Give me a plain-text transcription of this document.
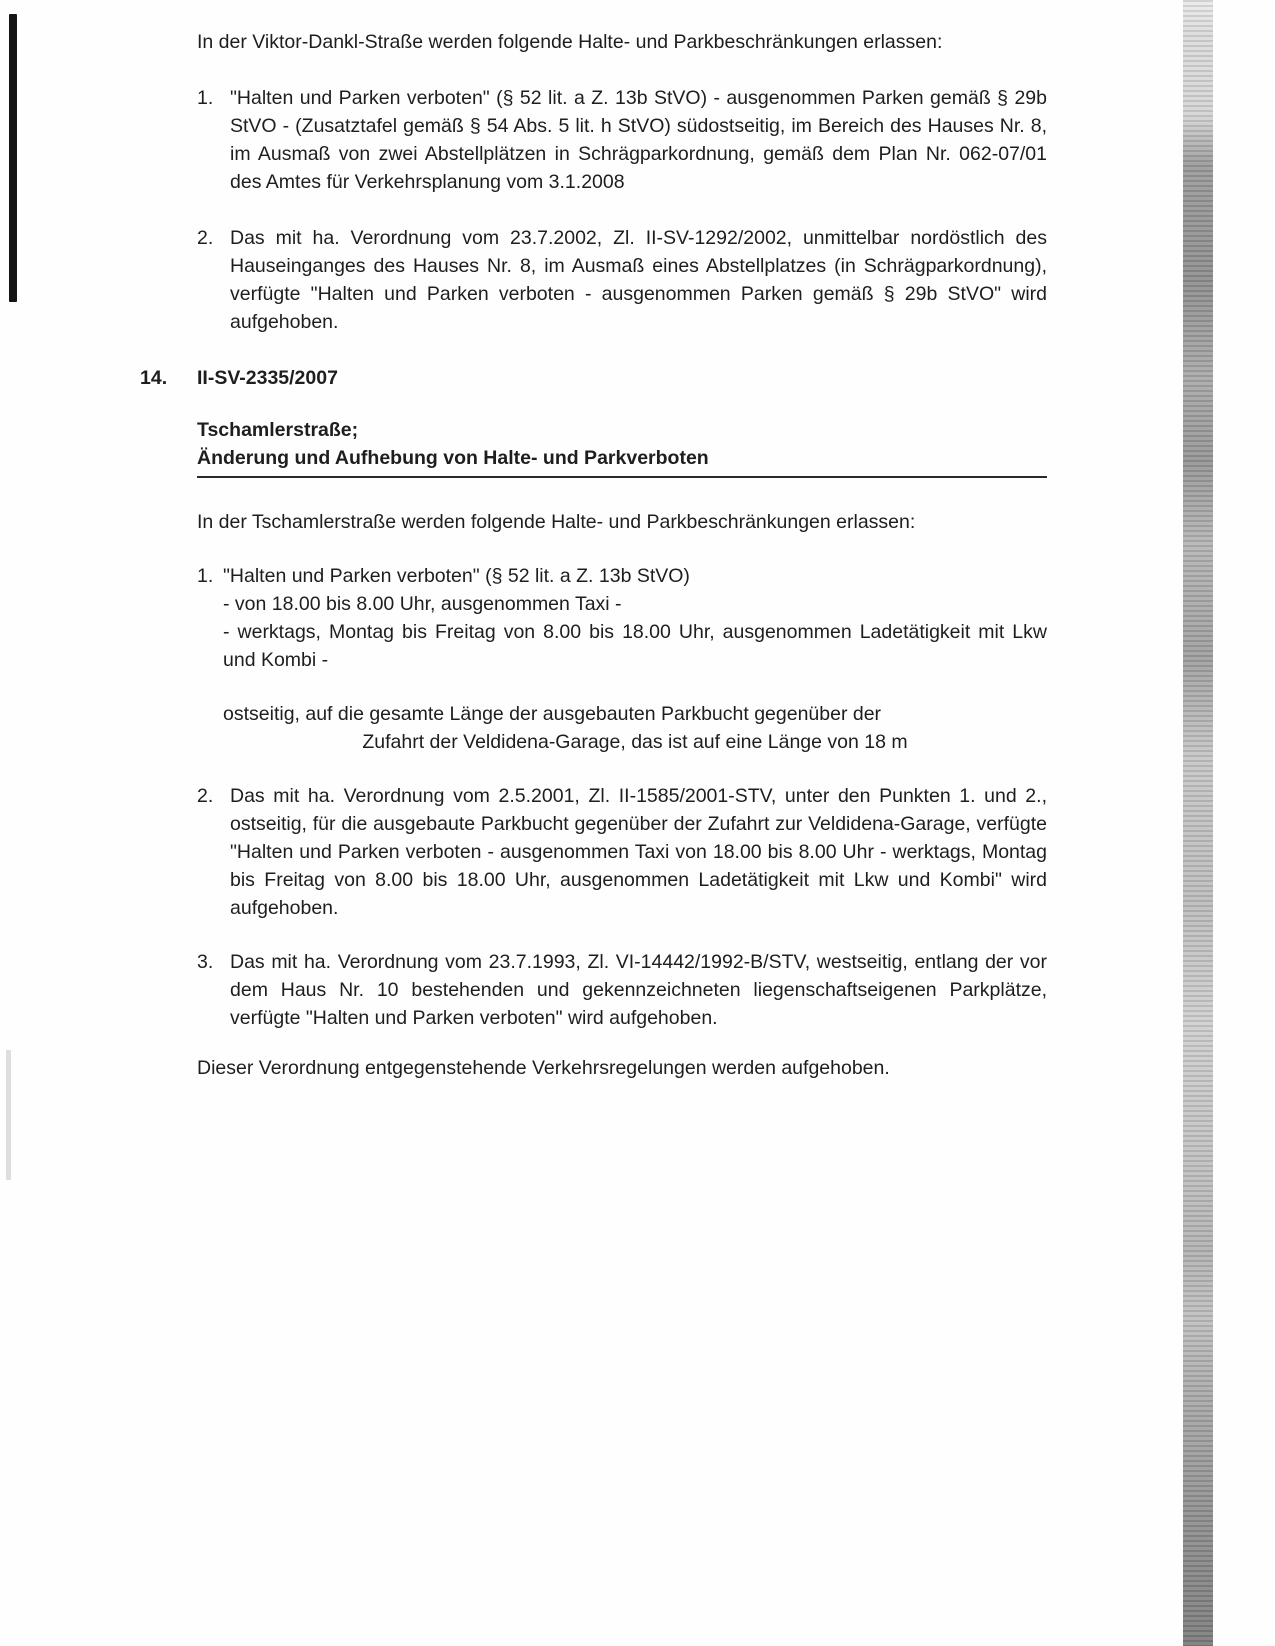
In der Viktor-Dankl-Straße werden folgende Halte- und Parkbeschränkungen erlassen:

1. "Halten und Parken verboten" (§ 52 lit. a Z. 13b StVO) - ausgenommen Parken gemäß § 29b StVO - (Zusatztafel gemäß § 54 Abs. 5 lit. h StVO) südostseitig, im Bereich des Hauses Nr. 8, im Ausmaß von zwei Abstellplätzen in Schrägparkordnung, gemäß dem Plan Nr. 062-07/01 des Amtes für Verkehrsplanung vom 3.1.2008
2. Das mit ha. Verordnung vom 23.7.2002, Zl. II-SV-1292/2002, unmittelbar nordöstlich des Hauseinganges des Hauses Nr. 8, im Ausmaß eines Abstellplatzes (in Schrägparkordnung), verfügte "Halten und Parken verboten - ausgenommen Parken gemäß § 29b StVO" wird aufgehoben.
14. II-SV-2335/2007
Tschamlerstraße;
Änderung und Aufhebung von Halte- und Parkverboten

In der Tschamlerstraße werden folgende Halte- und Parkbeschränkungen erlassen:

1. "Halten und Parken verboten" (§ 52 lit. a Z. 13b StVO)
- von 18.00 bis 8.00 Uhr, ausgenommen Taxi -
- werktags, Montag bis Freitag von 8.00 bis 18.00 Uhr, ausgenommen Ladetätigkeit mit Lkw und Kombi -
ostseitig, auf die gesamte Länge der ausgebauten Parkbucht gegenüber der
Zufahrt der Veldidena-Garage, das ist auf eine Länge von 18 m
2. Das mit ha. Verordnung vom 2.5.2001, Zl. II-1585/2001-STV, unter den Punkten 1. und 2., ostseitig, für die ausgebaute Parkbucht gegenüber der Zufahrt zur Veldidena-Garage, verfügte "Halten und Parken verboten - ausgenommen Taxi von 18.00 bis 8.00 Uhr - werktags, Montag bis Freitag von 8.00 bis 18.00 Uhr, ausgenommen Ladetätigkeit mit Lkw und Kombi" wird aufgehoben.
3. Das mit ha. Verordnung vom 23.7.1993, Zl. VI-14442/1992-B/STV, westseitig, entlang der vor dem Haus Nr. 10 bestehenden und gekennzeichneten liegenschaftseigenen Parkplätze, verfügte "Halten und Parken verboten" wird aufgehoben.

Dieser Verordnung entgegenstehende Verkehrsregelungen werden aufgehoben.
